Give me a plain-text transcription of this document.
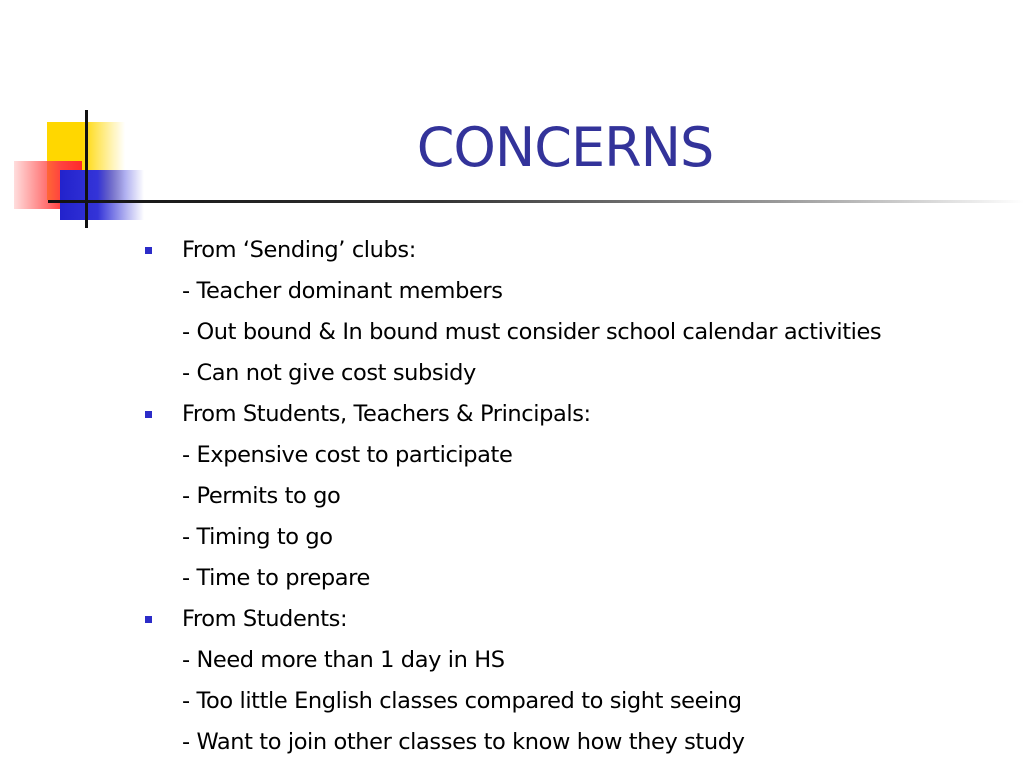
CONCERNS
From ‘Sending’ clubs:
- Teacher dominant members
- Out bound & In bound must consider school calendar activities
- Can not give cost subsidy
From Students, Teachers & Principals:
- Expensive cost to participate
- Permits to go
- Timing to go
- Time to prepare
From Students:
- Need more than 1 day in HS
- Too little English classes compared to sight seeing
- Want to join other classes to know how they study
